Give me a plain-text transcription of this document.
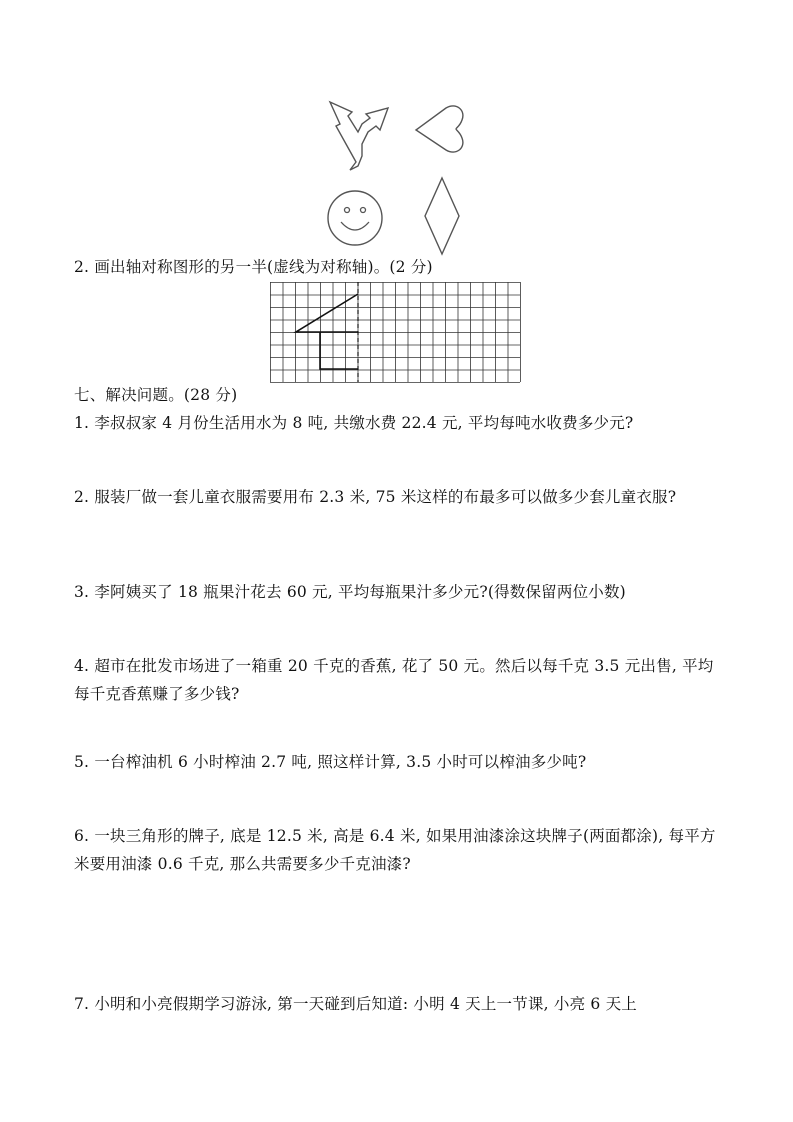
2. 画出轴对称图形的另一半(虚线为对称轴)。(2 分)
七、解决问题。(28 分)
1. 李叔叔家 4 月份生活用水为 8 吨, 共缴水费 22.4 元, 平均每吨水收费多少元?
2. 服装厂做一套儿童衣服需要用布 2.3 米, 75 米这样的布最多可以做多少套儿童衣服?
3. 李阿姨买了 18 瓶果汁花去 60 元, 平均每瓶果汁多少元?(得数保留两位小数)
4. 超市在批发市场进了一箱重 20 千克的香蕉, 花了 50 元。然后以每千克 3.5 元出售, 平均每千克香蕉赚了多少钱?
5. 一台榨油机 6 小时榨油 2.7 吨, 照这样计算, 3.5 小时可以榨油多少吨?
6. 一块三角形的牌子, 底是 12.5 米, 高是 6.4 米, 如果用油漆涂这块牌子(两面都涂), 每平方米要用油漆 0.6 千克, 那么共需要多少千克油漆?
7. 小明和小亮假期学习游泳, 第一天碰到后知道: 小明 4 天上一节课, 小亮 6 天上
